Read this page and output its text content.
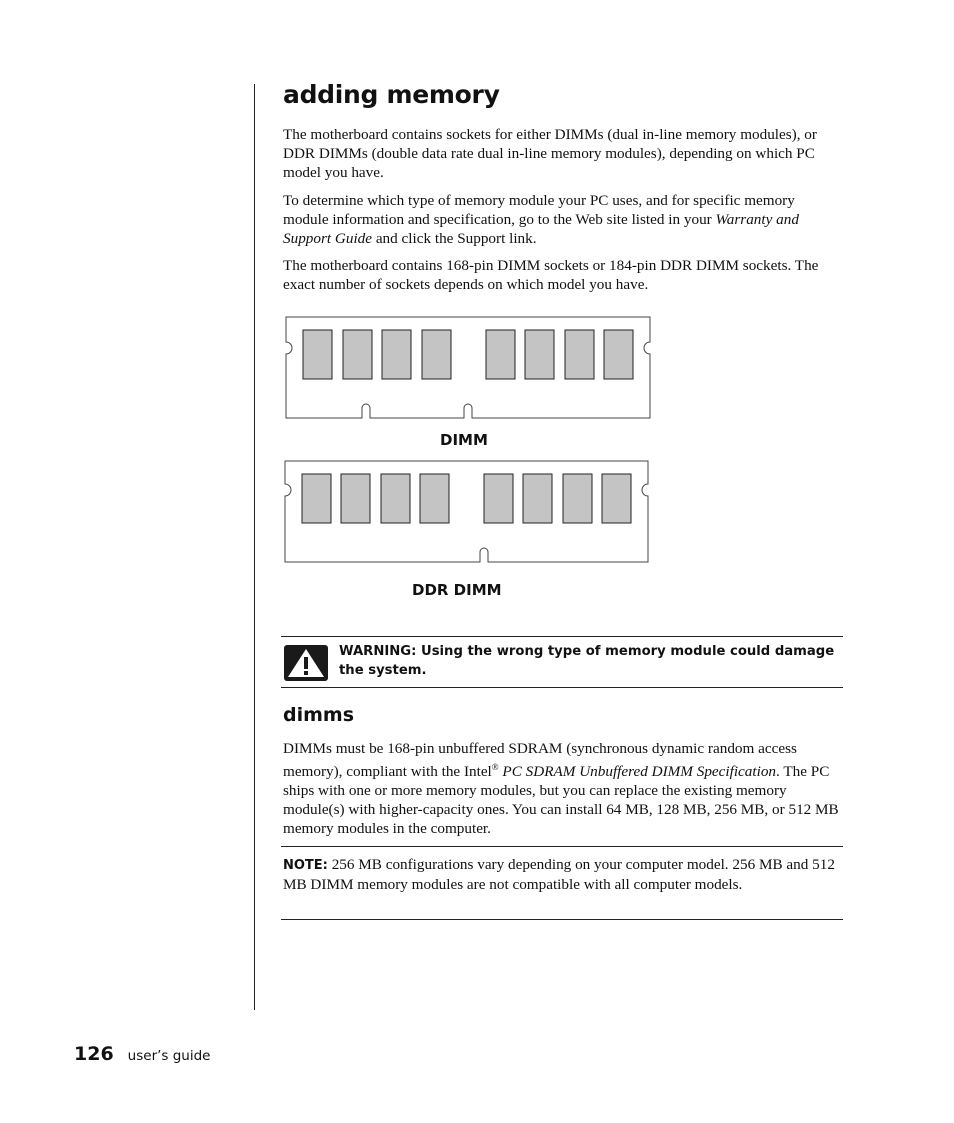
adding memory

The motherboard contains sockets for either DIMMs (dual in-line memory modules), or DDR DIMMs (double data rate dual in-line memory modules), depending on which PC model you have.

To determine which type of memory module your PC uses, and for specific memory module information and specification, go to the Web site listed in your Warranty and Support Guide and click the Support link.

The motherboard contains 168-pin DIMM sockets or 184-pin DDR DIMM sockets. The exact number of sockets depends on which model you have.

DIMM

DDR DIMM

WARNING: Using the wrong type of memory module could damage the system.

dimms

DIMMs must be 168-pin unbuffered SDRAM (synchronous dynamic random access memory), compliant with the Intel® PC SDRAM Unbuffered DIMM Specification. The PC ships with one or more memory modules, but you can replace the existing memory module(s) with higher-capacity ones. You can install 64 MB, 128 MB, 256 MB, or 512 MB memory modules in the computer.

NOTE: 256 MB configurations vary depending on your computer model. 256 MB and 512 MB DIMM memory modules are not compatible with all computer models.

126 user’s guide
